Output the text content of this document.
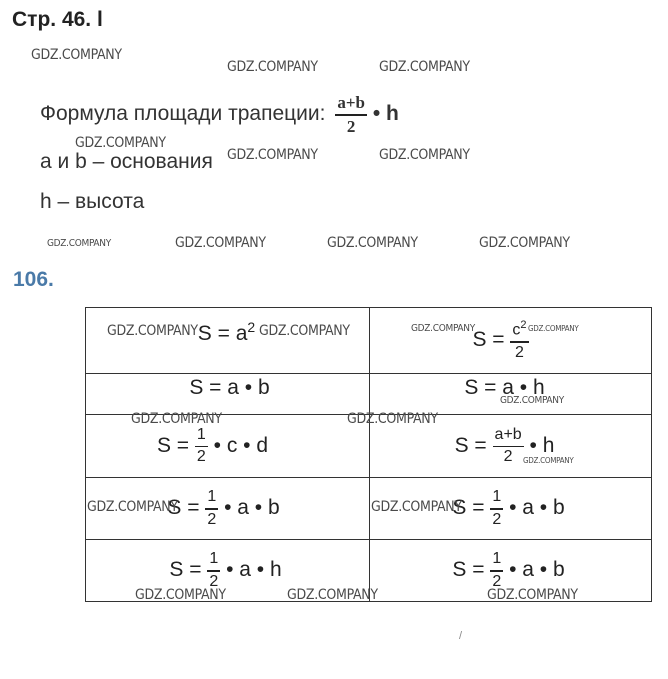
Стр. 46. l
Формула площади трапеции: $\frac{a+b}{2}$ • h
a и b – основания
h – высота
106.
$S = a^2$	$S = \frac{c^2}{2}$

S = a • b	S = a • h
$S = \frac{1}{2}$ • c • d	$S = \frac{a+b}{2}$ • h
$S = \frac{1}{2}$ • a • b	$S = \frac{1}{2}$ • a • b
$S = \frac{1}{2}$ • a • h	$S = \frac{1}{2}$ • a • b
GDZ.COMPANY
GDZ.COMPANY	GDZ.COMPANY
GDZ.COMPANY
GDZ.COMPANY	GDZ.COMPANY
GDZ.COMPANY	GDZ.COMPANY	GDZ.COMPANY	GDZ.COMPANY
GDZ.COMPANY	GDZ.COMPANY	GDZ.COMPANY	GDZ.COMPANY
GDZ.COMPANY
GDZ.COMPANY	GDZ.COMPANY
GDZ.COMPANY
GDZ.COMPANY	GDZ.COMPANY
GDZ.COMPANY	GDZ.COMPANY	GDZ.COMPANY
/
